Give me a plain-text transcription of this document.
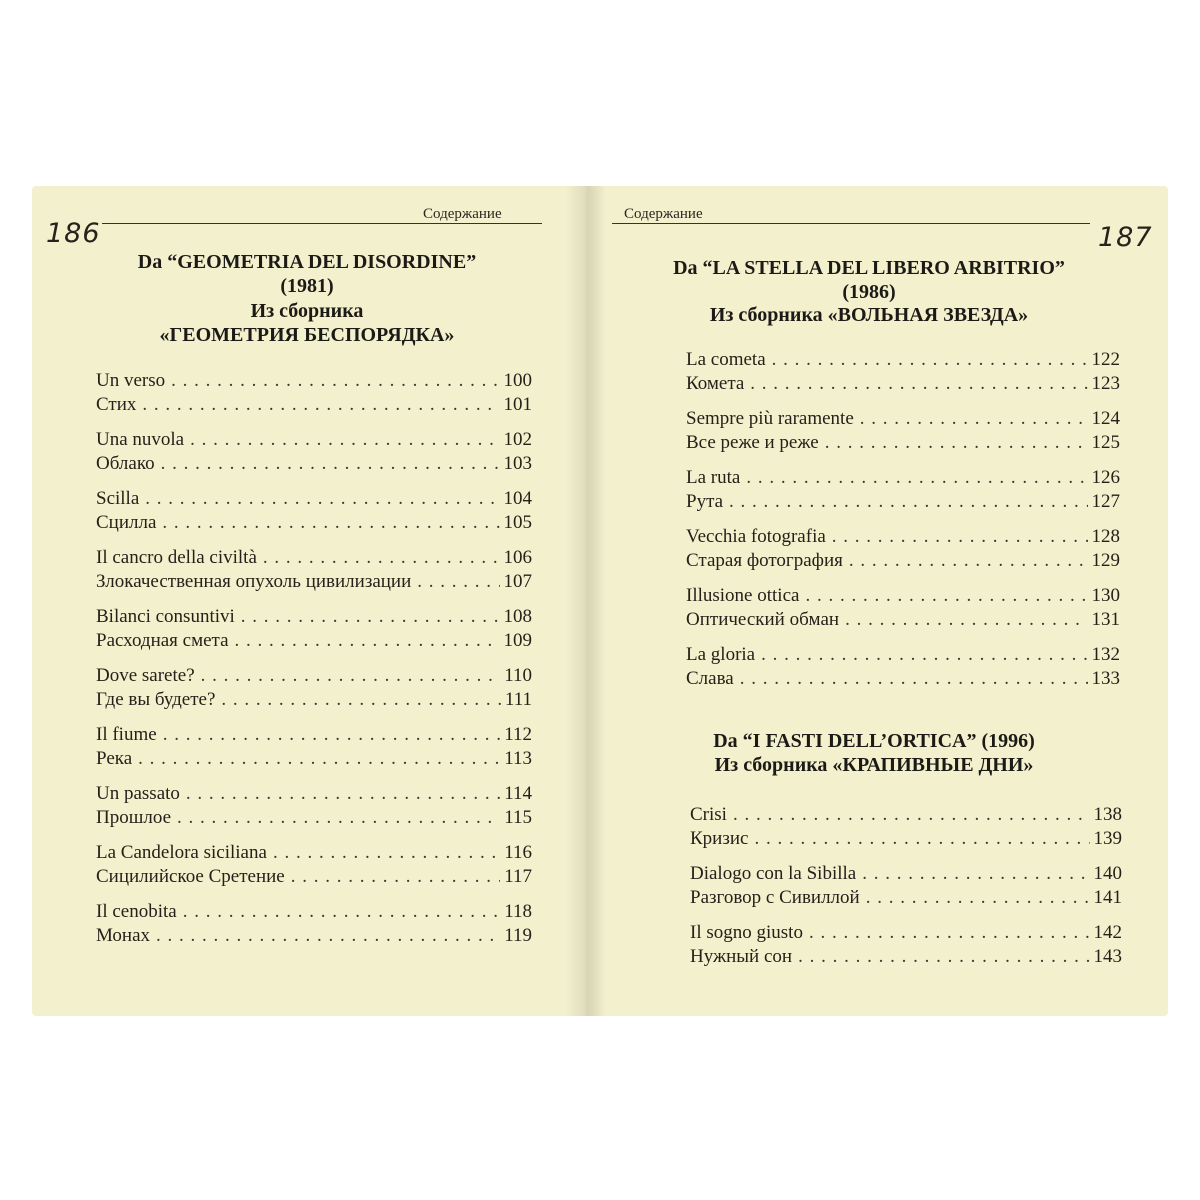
186
Содержание
Da “GEOMETRIA DEL DISORDINE”
(1981)
Из сборника
«ГЕОМЕТРИЯ БЕСПОРЯДКА»
Un verso . . .	100
Стих . . .	101
Una nuvola . . .	102
Облако . . .	103
Scilla . . .	104
Сцилла . . .	105
Il cancro della civiltà . . .	106
Злокачественная опухоль цивилизации . . .	107
Bilanci consuntivi . . .	108
Расходная смета . . .	109
Dove sarete? . . .	110
Где вы будете? . . .	111
Il fiume . . .	112
Река . . .	113
Un passato . . .	114
Прошлое . . .	115
La Candelora siciliana . . .	116
Сицилийское Сретение . . .	117
Il cenobita . . .	118
Монах . . .	119
187
Содержание
Da “LA STELLA DEL LIBERO ARBITRIO”
(1986)
Из сборника «ВОЛЬНАЯ ЗВЕЗДА»
La cometa . . .	122
Комета . . .	123
Sempre più raramente . . .	124
Все реже и реже . . .	125
La ruta . . .	126
Рута . . .	127
Vecchia fotografia . . .	128
Старая фотография . . .	129
Illusione ottica . . .	130
Оптический обман . . .	131
La gloria . . .	132
Слава . . .	133
Da “I FASTI DELL’ORTICA” (1996)
Из сборника «КРАПИВНЫЕ ДНИ»
Crisi . . .	138
Кризис . . .	139
Dialogo con la Sibilla . . .	140
Разговор с Сивиллой . . .	141
Il sogno giusto . . .	142
Нужный сон . . .	143
